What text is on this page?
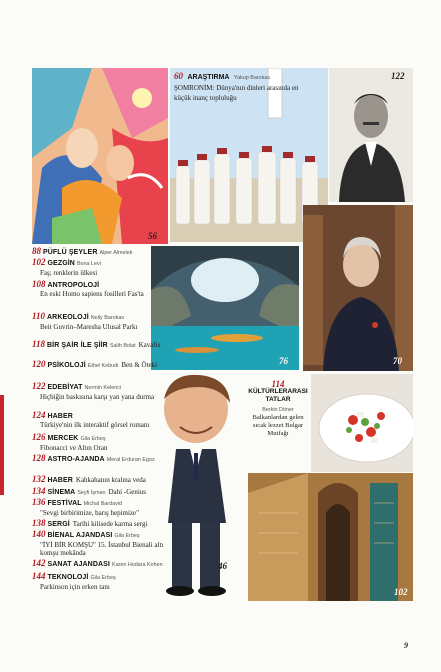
56
60 ARAŞTIRMA Yakup Barokas
ŞOMRONİM: Dünya'nın dinleri arasında en küçük inanç topluluğu
122
70
76
46
114
KÜLTÜRLERARASI TATLAR
Berkin Döner
Balkanlardan gelen sıcak lezzet Bulgar Mutfağı
102
88 PÜFLÜ ŞEYLER Alper Almelek
102 GEZGİN Bona Levi
Faş; renklerin ülkesi
108 ANTROPOLOJİ
En eski Homo sapiens fosilleri Fas'ta
110 ARKEOLOJİ Nelly Barokas
Beit Guvrin–Maresha Ulusal Parkı
118 BİR ŞAİR İLE ŞİİR Salih Bolat Kavafis
120 PSİKOLOJİ Ethel Kebudi Ben & Öteki
122 EDEBİYAT Nermin Kelenci
Hiçbiğin baskısına karşı yan yana durma
124 HABER
Türkiye'nin ilk interaktif görsel romanı
126 MERCEK Gila Erbeş
Fibonacci ve Altın Oran
128 ASTRO-AJANDA Meral Erduran Egoz
132 HABER Kahkahanın kralına veda
134 SİNEMA Seyfi İşman Dahi -Genius
136 FESTİVAL Michal Bardavid
"Sevgi birbirimize, barış hepimize"
138 SERGİ Tarihi kilisede karma sergi
140 BİENAL AJANDASI Gila Erbeş
"İYİ BİR KOMŞU" 15. İstanbul Bienali altı komşu mekânda
142 SANAT AJANDASI Karen Hodara Kohen
144 TEKNOLOJİ Gila Erbeş
Parkinson için erken tanı
9
